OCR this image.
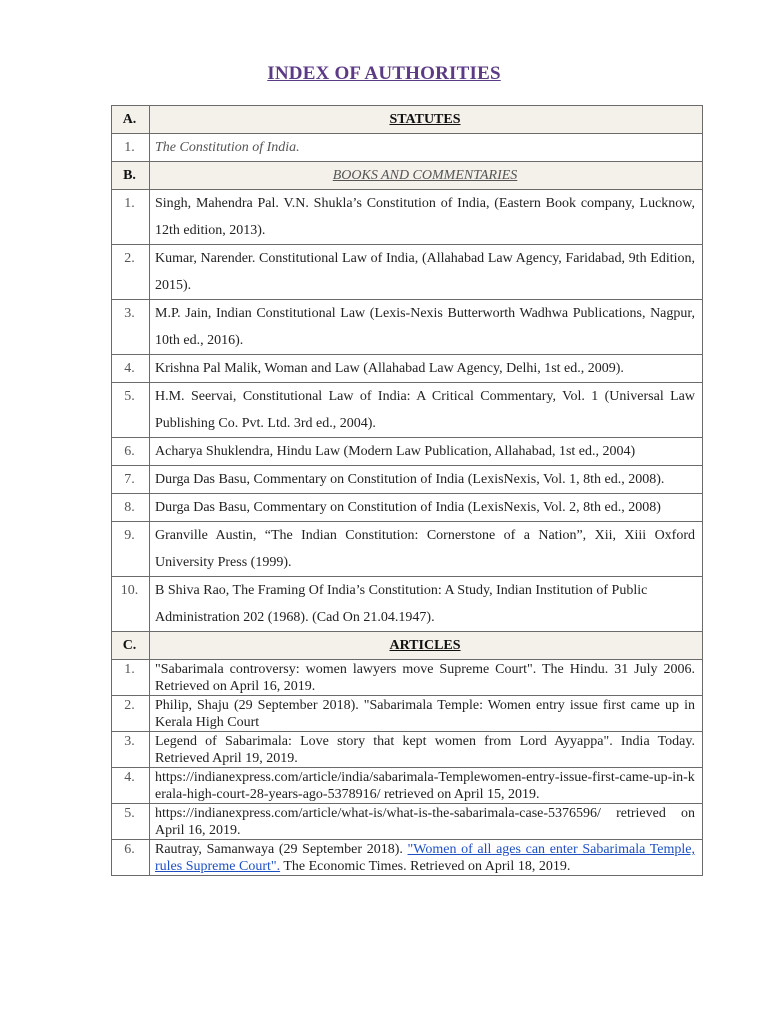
INDEX OF AUTHORITIES
A.	STATUTES
1.	The Constitution of India.
B.	BOOKS AND COMMENTARIES
1.	Singh, Mahendra Pal. V.N. Shukla’s Constitution of India, (Eastern Book company, Lucknow, 12th edition, 2013).
2.	Kumar, Narender. Constitutional Law of India, (Allahabad Law Agency, Faridabad, 9th Edition, 2015).
3.	M.P. Jain, Indian Constitutional Law (Lexis-Nexis Butterworth Wadhwa Publications, Nagpur, 10th ed., 2016).
4.	Krishna Pal Malik, Woman and Law (Allahabad Law Agency, Delhi, 1st ed., 2009).
5.	H.M. Seervai, Constitutional Law of India: A Critical Commentary, Vol. 1 (Universal Law Publishing Co. Pvt. Ltd. 3rd ed., 2004).
6.	Acharya Shuklendra, Hindu Law (Modern Law Publication, Allahabad, 1st ed., 2004)
7.	Durga Das Basu, Commentary on Constitution of India (LexisNexis, Vol. 1, 8th ed., 2008).
8.	Durga Das Basu, Commentary on Constitution of India (LexisNexis, Vol. 2, 8th ed., 2008)
9.	Granville Austin, “The Indian Constitution: Cornerstone of a Nation”, Xii, Xiii Oxford University Press (1999).
10.	B Shiva Rao, The Framing Of India’s Constitution: A Study, Indian Institution of Public Administration 202 (1968). (Cad On 21.04.1947).
C.	ARTICLES
1.	"Sabarimala controversy: women lawyers move Supreme Court". The Hindu. 31 July 2006. Retrieved on April 16, 2019.
2.	Philip, Shaju (29 September 2018). "Sabarimala Temple: Women entry issue first came up in Kerala High Court
3.	Legend of Sabarimala: Love story that kept women from Lord Ayyappa". India Today. Retrieved April 19, 2019.
4.	https://indianexpress.com/article/india/sabarimala-Templewomen-entry-issue-first-came-up-in-kerala-high-court-28-years-ago-5378916/ retrieved on April 15, 2019.
5.	https://indianexpress.com/article/what-is/what-is-the-sabarimala-case-5376596/ retrieved on April 16, 2019.
6.	Rautray, Samanwaya (29 September 2018). "Women of all ages can enter Sabarimala Temple, rules Supreme Court". The Economic Times. Retrieved on April 18, 2019.
